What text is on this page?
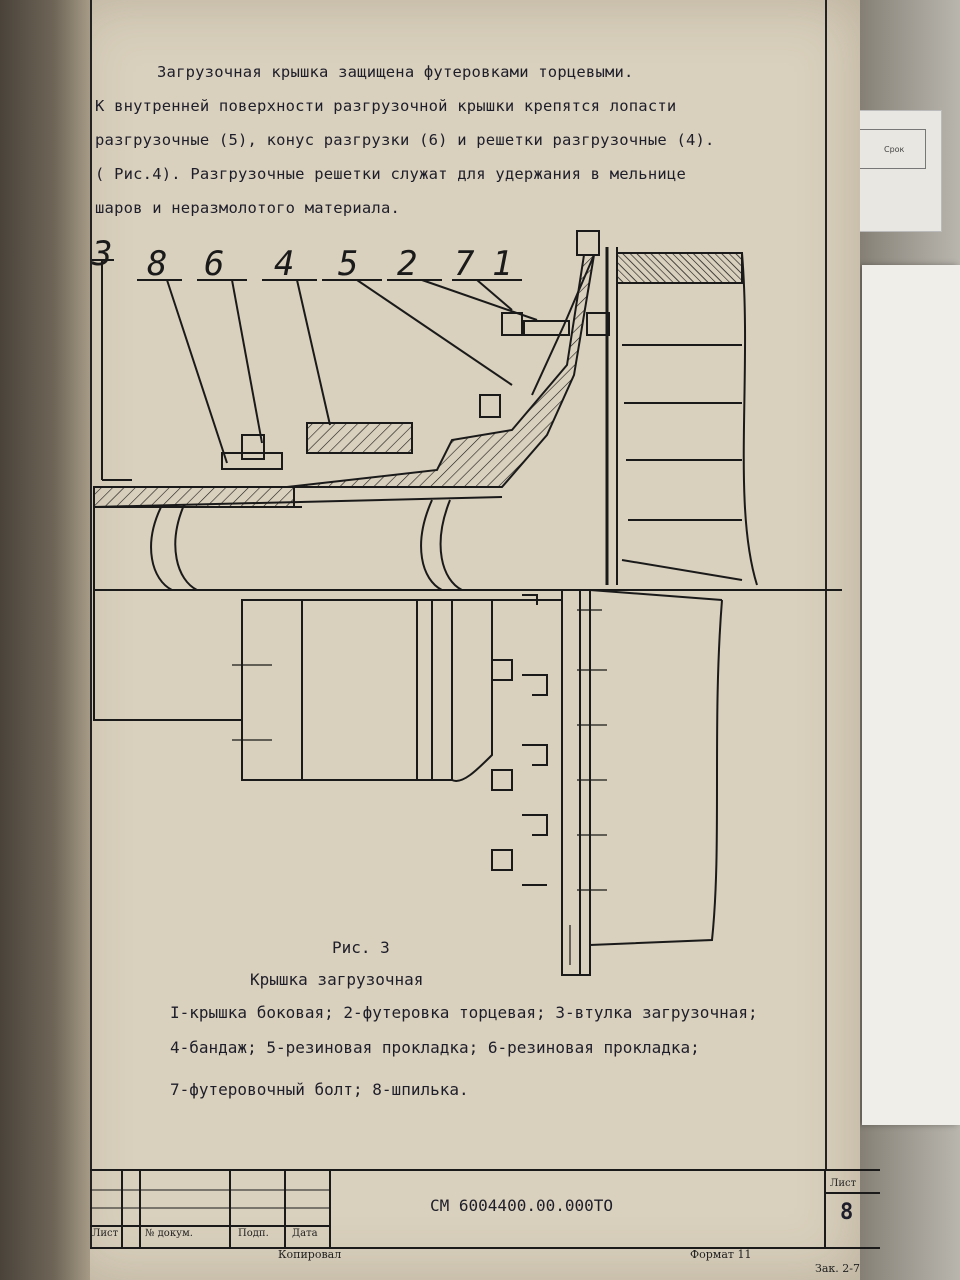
Срок
Загрузочная крышка защищена футеровками торцевыми.
К внутренней поверхности разгрузочной крышки крепятся лопасти
разгрузочные (5), конус разгрузки (6) и решетки разгрузочные (4).
( Рис.4). Разгрузочные решетки служат для удержания в мельнице
шаров и неразмолотого материала.
3 8 6 4 5 2 7 1
Рис. 3
Крышка загрузочная
I-крышка боковая; 2-футеровка торцевая; 3-втулка загрузочная;
4-бандаж; 5-резиновая прокладка; 6-резиновая прокладка;
7-футеровочный болт; 8-шпилька.
Лист	№ докум.	Подп. Дата
СМ 6004400.00.000ТО
Лист
8
Копировал	Формат 11
Зак. 2-7
